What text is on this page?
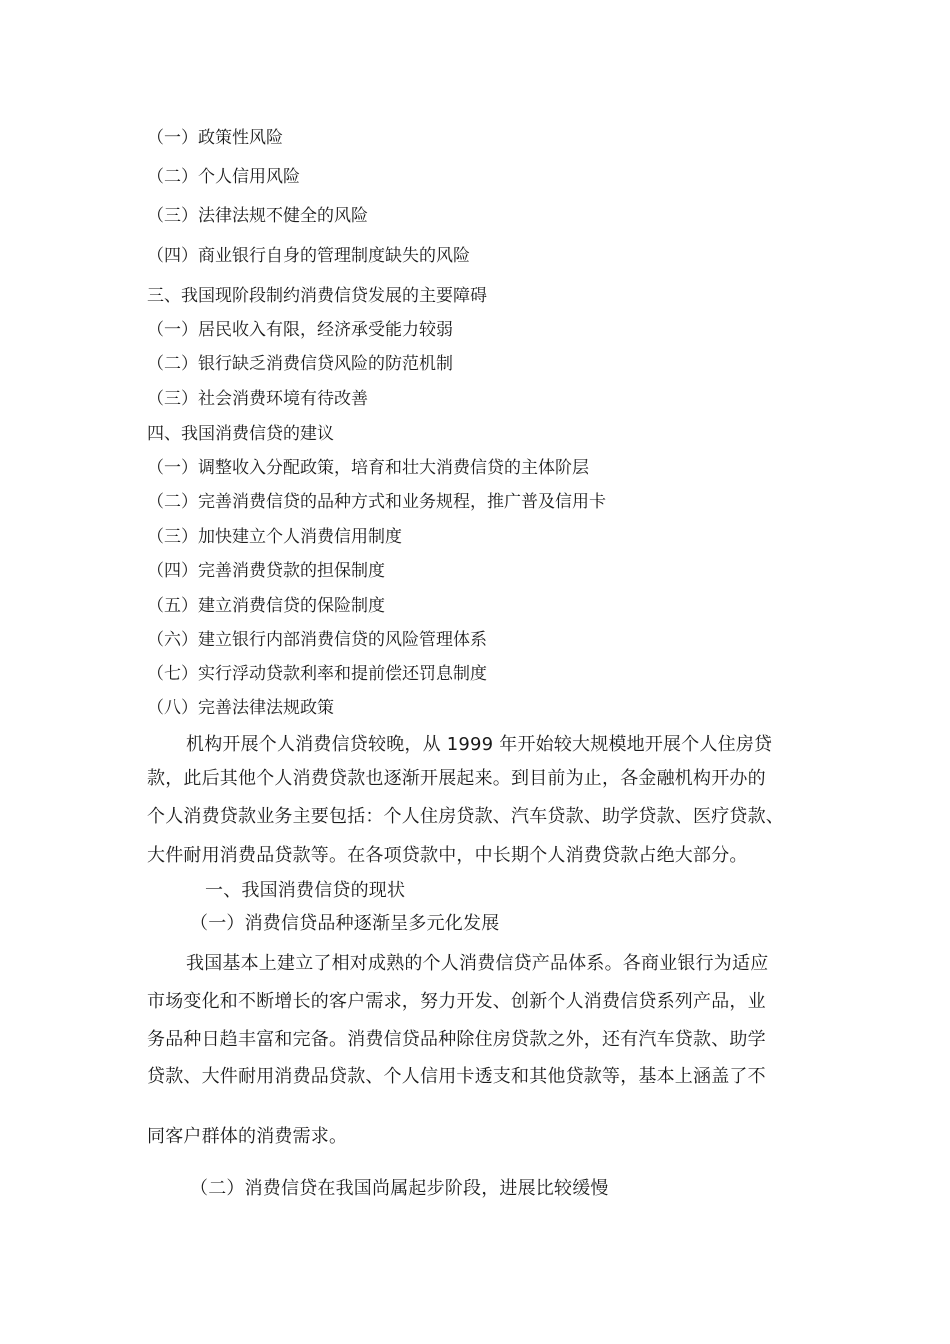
（一）政策性风险
（二）个人信用风险
（三）法律法规不健全的风险
（四）商业银行自身的管理制度缺失的风险
三、我国现阶段制约消费信贷发展的主要障碍
（一）居民收入有限，经济承受能力较弱
（二）银行缺乏消费信贷风险的防范机制
（三）社会消费环境有待改善
四、我国消费信贷的建议
（一）调整收入分配政策，培育和壮大消费信贷的主体阶层
（二）完善消费信贷的品种方式和业务规程，推广普及信用卡
（三）加快建立个人消费信用制度
（四）完善消费贷款的担保制度
（五）建立消费信贷的保险制度
（六）建立银行内部消费信贷的风险管理体系
（七）实行浮动贷款利率和提前偿还罚息制度
（八）完善法律法规政策
机构开展个人消费信贷较晚，从 1999 年开始较大规模地开展个人住房贷
款，此后其他个人消费贷款也逐渐开展起来。到目前为止，各金融机构开办的
个人消费贷款业务主要包括：个人住房贷款、汽车贷款、助学贷款、医疗贷款、
大件耐用消费品贷款等。在各项贷款中，中长期个人消费贷款占绝大部分。
一、我国消费信贷的现状
（一）消费信贷品种逐渐呈多元化发展
我国基本上建立了相对成熟的个人消费信贷产品体系。各商业银行为适应
市场变化和不断增长的客户需求，努力开发、创新个人消费信贷系列产品，业
务品种日趋丰富和完备。消费信贷品种除住房贷款之外，还有汽车贷款、助学
贷款、大件耐用消费品贷款、个人信用卡透支和其他贷款等，基本上涵盖了不
同客户群体的消费需求。
（二）消费信贷在我国尚属起步阶段，进展比较缓慢
